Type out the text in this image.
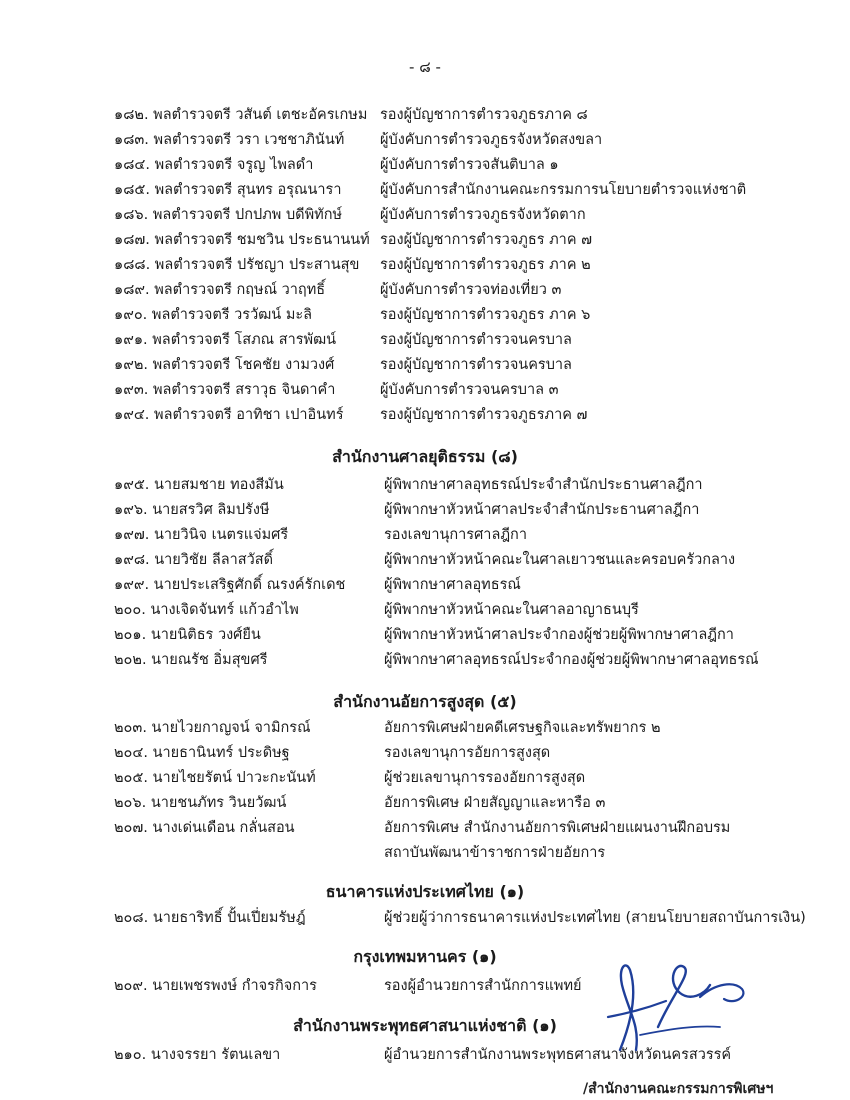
- ๘ -
๑๘๒. พลตำรวจตรี วสันต์ เตชะอัครเกษม รองผู้บัญชาการตำรวจภูธรภาค ๘
๑๘๓. พลตำรวจตรี วรา เวชชาภินันท์ ผู้บังคับการตำรวจภูธรจังหวัดสงขลา
๑๘๔. พลตำรวจตรี จรูญ ไพลดำ	ผู้บังคับการตำรวจสันติบาล ๑
๑๘๕. พลตำรวจตรี สุนทร อรุณนารา	ผู้บังคับการสำนักงานคณะกรรมการนโยบายตำรวจแห่งชาติ
๑๘๖. พลตำรวจตรี ปกปภพ บดีพิทักษ์	ผู้บังคับการตำรวจภูธรจังหวัดตาก
๑๘๗. พลตำรวจตรี ชมชวิน ประธนานนท์ รองผู้บัญชาการตำรวจภูธร ภาค ๗
๑๘๘. พลตำรวจตรี ปรัชญา ประสานสุข รองผู้บัญชาการตำรวจภูธร ภาค ๒
๑๘๙. พลตำรวจตรี กฤษณ์ วาฤทธิ์	ผู้บังคับการตำรวจท่องเที่ยว ๓
๑๙๐. พลตำรวจตรี วรวัฒน์ มะลิ	รองผู้บัญชาการตำรวจภูธร ภาค ๖
๑๙๑. พลตำรวจตรี โสภณ สารพัฒน์	รองผู้บัญชาการตำรวจนครบาล
๑๙๒. พลตำรวจตรี โชคชัย งามวงศ์	รองผู้บัญชาการตำรวจนครบาล
๑๙๓. พลตำรวจตรี สราวุธ จินดาคำ	ผู้บังคับการตำรวจนครบาล ๓
๑๙๔. พลตำรวจตรี อาทิชา เปาอินทร์	รองผู้บัญชาการตำรวจภูธรภาค ๗
สำนักงานศาลยุติธรรม (๘)
๑๙๕. นายสมชาย ทองสีมัน	ผู้พิพากษาศาลอุทธรณ์ประจำสำนักประธานศาลฎีกา
๑๙๖. นายสรวิศ ลิมปรังษี	ผู้พิพากษาหัวหน้าศาลประจำสำนักประธานศาลฎีกา
๑๙๗. นายวินิจ เนตรแจ่มศรี	รองเลขานุการศาลฎีกา
๑๙๘. นายวิชัย ลีลาสวัสดิ์	ผู้พิพากษาหัวหน้าคณะในศาลเยาวชนและครอบครัวกลาง
๑๙๙. นายประเสริฐศักดิ์ ณรงค์รักเดช	ผู้พิพากษาศาลอุทธรณ์
๒๐๐. นางเจิดจันทร์ แก้วอำไพ	ผู้พิพากษาหัวหน้าคณะในศาลอาญาธนบุรี
๒๐๑. นายนิติธร วงศ์ยืน	ผู้พิพากษาหัวหน้าศาลประจำกองผู้ช่วยผู้พิพากษาศาลฎีกา
๒๐๒. นายณรัช อิ่มสุขศรี	ผู้พิพากษาศาลอุทธรณ์ประจำกองผู้ช่วยผู้พิพากษาศาลอุทธรณ์
สำนักงานอัยการสูงสุด (๕)
๒๐๓. นายไวยกาญจน์ จามิกรณ์	อัยการพิเศษฝ่ายคดีเศรษฐกิจและทรัพยากร ๒
๒๐๔. นายธานินทร์ ประดิษฐ	รองเลขานุการอัยการสูงสุด
๒๐๕. นายไชยรัตน์ ปาวะกะนันท์	ผู้ช่วยเลขานุการรองอัยการสูงสุด
๒๐๖. นายชนภัทร วินยวัฒน์	อัยการพิเศษ ฝ่ายสัญญาและหารือ ๓
๒๐๗. นางเด่นเดือน กลั่นสอน	อัยการพิเศษ สำนักงานอัยการพิเศษฝ่ายแผนงานฝึกอบรม
สถาบันพัฒนาข้าราชการฝ่ายอัยการ
ธนาคารแห่งประเทศไทย (๑)
๒๐๘. นายธาริทธิ์ ปั้นเปี่ยมรัษฎ์	ผู้ช่วยผู้ว่าการธนาคารแห่งประเทศไทย (สายนโยบายสถาบันการเงิน)
กรุงเทพมหานคร (๑)
๒๐๙. นายเพชรพงษ์ กำจรกิจการ	รองผู้อำนวยการสำนักการแพทย์
สำนักงานพระพุทธศาสนาแห่งชาติ (๑)
๒๑๐. นางจรรยา รัตนเลขา	ผู้อำนวยการสำนักงานพระพุทธศาสนาจังหวัดนครสวรรค์
/สำนักงานคณะกรรมการพิเศษฯ
